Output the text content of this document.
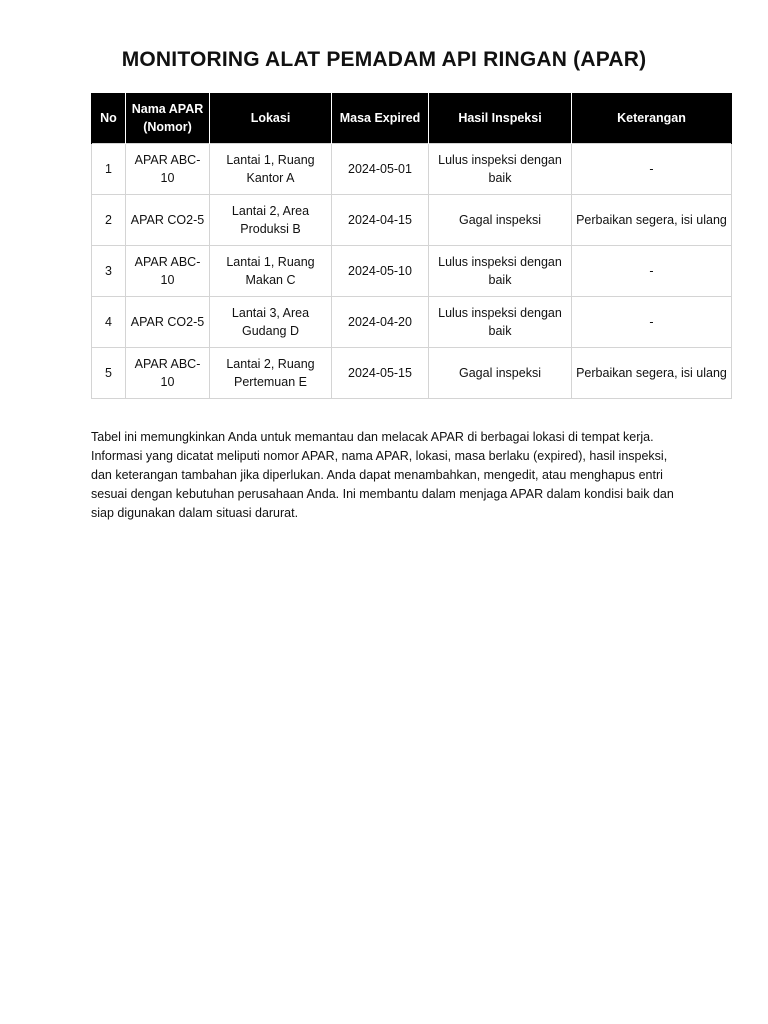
MONITORING ALAT PEMADAM API RINGAN (APAR)
No	Nama APAR (Nomor)	Lokasi	Masa Expired	Hasil Inspeksi	Keterangan
1	APAR ABC-10	Lantai 1, Ruang Kantor A	2024-05-01	Lulus inspeksi dengan baik	-
2	APAR CO2-5	Lantai 2, Area Produksi B	2024-04-15	Gagal inspeksi	Perbaikan segera, isi ulang
3	APAR ABC-10	Lantai 1, Ruang Makan C	2024-05-10	Lulus inspeksi dengan baik	-
4	APAR CO2-5	Lantai 3, Area Gudang D	2024-04-20	Lulus inspeksi dengan baik	-
5	APAR ABC-10	Lantai 2, Ruang Pertemuan E	2024-05-15	Gagal inspeksi	Perbaikan segera, isi ulang

Tabel ini memungkinkan Anda untuk memantau dan melacak APAR di berbagai lokasi di tempat kerja. Informasi yang dicatat meliputi nomor APAR, nama APAR, lokasi, masa berlaku (expired), hasil inspeksi, dan keterangan tambahan jika diperlukan. Anda dapat menambahkan, mengedit, atau menghapus entri sesuai dengan kebutuhan perusahaan Anda. Ini membantu dalam menjaga APAR dalam kondisi baik dan siap digunakan dalam situasi darurat.
